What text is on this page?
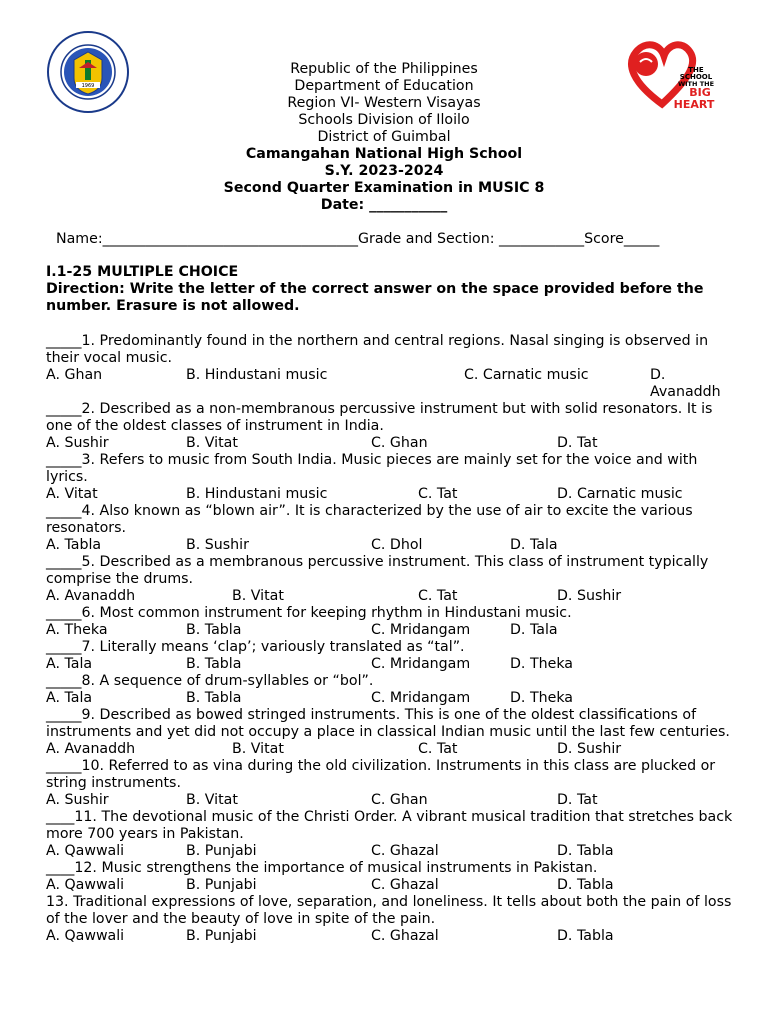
1969
THE
SCHOOL
WITH THE
BIG
HEART
Republic of the Philippines
Department of Education
Region VI- Western Visayas
Schools Division of Iloilo
District of Guimbal
Camangahan National High School
S.Y. 2023-2024
Second Quarter Examination in MUSIC 8
Date: ___________
Name:____________________________________Grade and Section: ____________Score_____
I.1-25 MULTIPLE CHOICE
Direction: Write the letter of the correct answer on the space provided before the number. Erasure is not allowed.
_____1. Predominantly found in the northern and central regions. Nasal singing is observed in their vocal music.
A. Ghan	B. Hindustani music	C. Carnatic music	D. Avanaddh
_____2. Described as a non-membranous percussive instrument but with solid resonators. It is one of the oldest classes of instrument in India.
A. Sushir	B. Vitat	C. Ghan	D. Tat
_____3. Refers to music from South India. Music pieces are mainly set for the voice and with lyrics.
A. Vitat	B. Hindustani music	C. Tat	D. Carnatic music
_____4. Also known as “blown air”. It is characterized by the use of air to excite the various resonators.
A. Tabla	B. Sushir	C. Dhol	D. Tala
_____5. Described as a membranous percussive instrument. This class of instrument typically comprise the drums.
A. Avanaddh	B. Vitat	C. Tat	D. Sushir
_____6. Most common instrument for keeping rhythm in Hindustani music.
A. Theka	B. Tabla	C. Mridangam	D. Tala
_____7. Literally means ‘clap’; variously translated as “tal”.
A. Tala	B. Tabla	C. Mridangam	D. Theka
_____8. A sequence of drum-syllables or “bol”.
A. Tala	B. Tabla	C. Mridangam	D. Theka
_____9. Described as bowed stringed instruments. This is one of the oldest classifications of instruments and yet did not occupy a place in classical Indian music until the last few centuries.
A. Avanaddh	B. Vitat	C. Tat	D. Sushir
_____10. Referred to as vina during the old civilization. Instruments in this class are plucked or string instruments.
A. Sushir	B. Vitat	C. Ghan	D. Tat
____11. The devotional music of the Christi Order. A vibrant musical tradition that stretches back more 700 years in Pakistan.
A. Qawwali	B. Punjabi	C. Ghazal	D. Tabla
____12. Music strengthens the importance of musical instruments in Pakistan.
A. Qawwali	B. Punjabi	C. Ghazal	D. Tabla
13. Traditional expressions of love, separation, and loneliness. It tells about both the pain of loss of the lover and the beauty of love in spite of the pain.
A. Qawwali	B. Punjabi	C. Ghazal	D. Tabla
